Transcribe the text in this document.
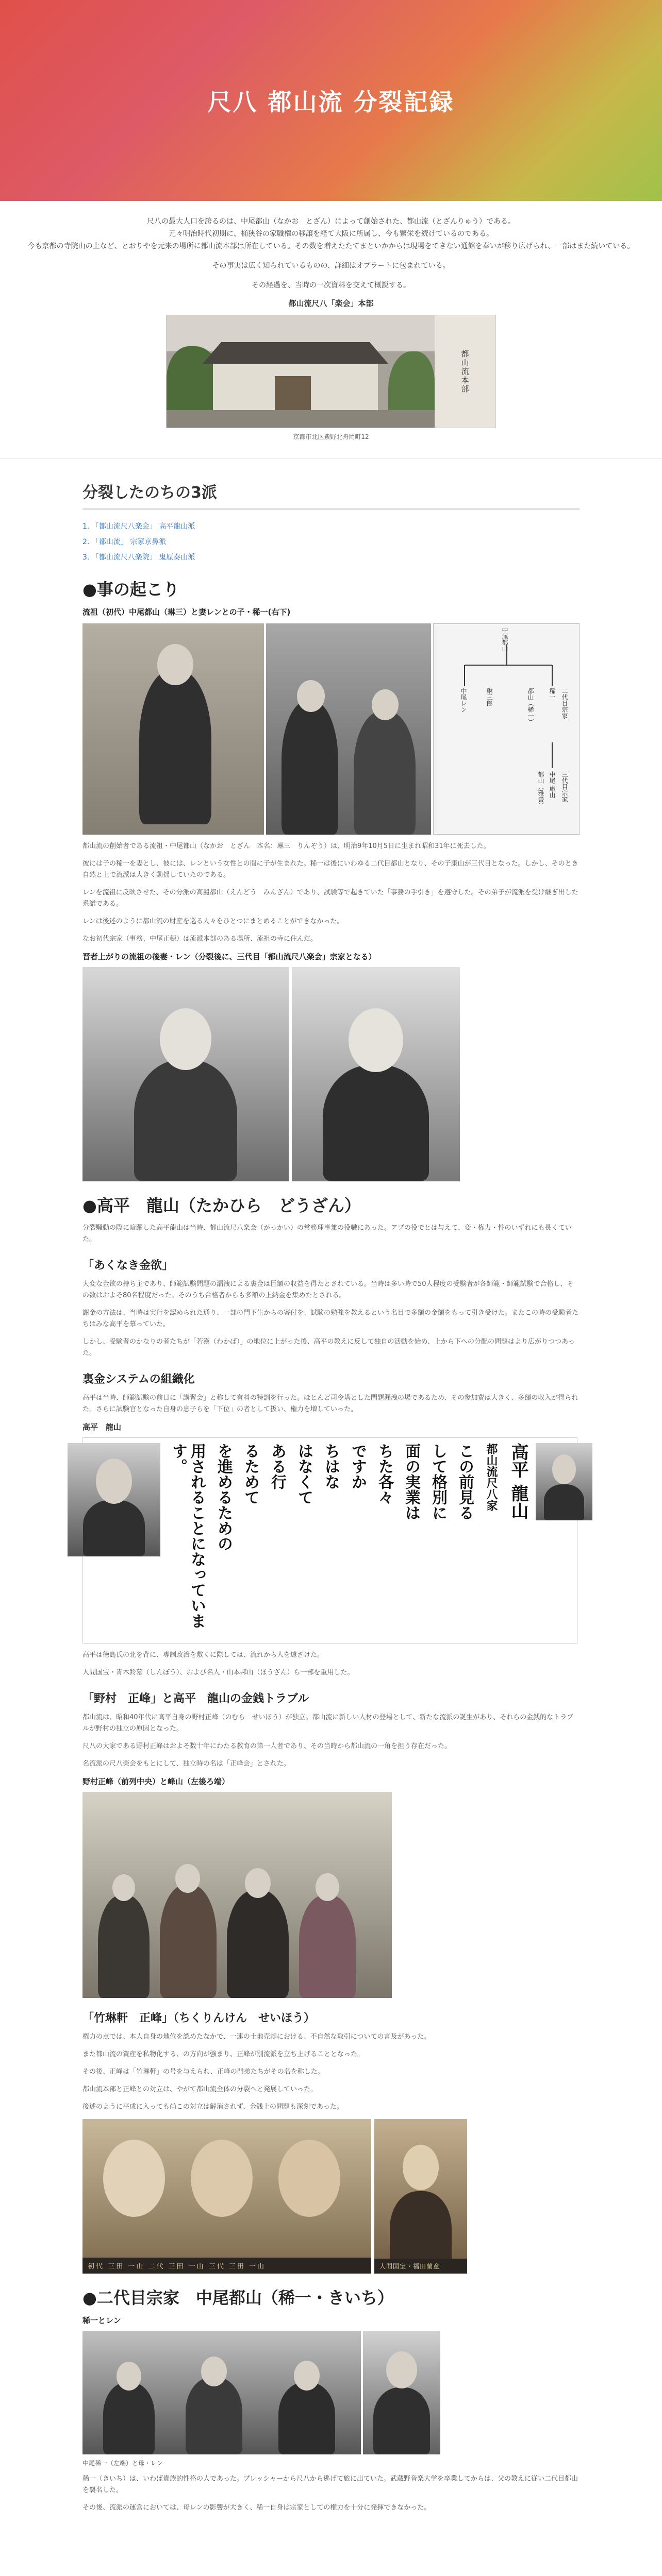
尺八 都山流 分裂記録

尺八の最大人口を誇るのは、中尾都山（なかお　とざん）によって創始された、都山流（とざんりゅう）である。

元々明治時代初期に、桶狭谷の家職権の移譲を経て大阪に所属し、今も繁栄を続けているのである。

今も京都の寺院山の上など、とおりやを元来の場所に都山流本部は所在している。その数を増えたたてまといかからは現場をてきない通館を奉いが移り広げられ、一部はまた続いている。

その事実は広く知られているものの、詳細はオブラートに包まれている。

その経過を、当時の一次資料を交えて概説する。

都山流尺八「楽会」本部
都山流本部
京都市北区紫野北舟岡町12
分裂したのちの3派
1. 「都山流尺八楽会」 高平龍山派
2. 「都山流」 宗家京鼻派
3. 「都山流尺八楽院」 鬼原奏山派
●事の起こり
流祖（初代）中尾都山（琳三）と妻レンとの子・稀一(右下)
中尾都山
中尾レン	稀一
琳三郎	二代目宗家
都山（稀一）
中尾 康山 三代目宗家
都山（雅善）

都山流の創始者である流祖・中尾都山（なかお　とざん　本名：琳三　りんぞう）は、明治9年10月5日に生まれ昭和31年に死去した。

彼には子の稀一を妻とし、彼には、レンという女性との間に子が生まれた。稀一は後にいわゆる二代目都山となり、その子康山が三代目となった。しかし、そのとき自然と上で流派は大きく動揺していたのである。

レンを流祖に反映させた、その分派の高麗都山（えんどう　みんざん）であり、試験等で起きていた「事務の手引き」を遵守した。その弟子が流派を受け継ぎ出した系譜である。

レンは後述のように都山流の財産を巡る人々をひとつにまとめることができなかった。

なお初代宗家（事務、中尾正穂）は流派本部のある場所、流祖の寺に住んだ。

晋者上がりの流祖の後妻・レン（分裂後に、三代目「都山流尺八楽会」宗家となる）
●高平　龍山（たかひら　どうざん）

分裂騒動の際に暗躍した高平龍山は当時、都山流尺八楽会（がっかい）の常務理事兼の役職にあった。アプの役でとは与えて、変・権力・性のいずれにも長くていた。

「あくなき金欲」

大変な金欲の持ち主であり、師範試験問題の漏洩による裏金は巨額の収益を得たとされている。当時は多い時で50人程度の受験者が各師範・師範試験で合格し、その数はおよそ80名程度だった。そのうち合格者からも多額の上納金を集めたとされる。

謝金の方法は、当時は実行を認められた通り、一部の門下生からの寄付を、試験の勉強を教えるという名目で多額の金額をもって引き受けた。またこの時の受験者たちはみな高平を慕っていた。

しかし、受験者のかなりの者たちが「若漢（わかば）」の地位に上がった後、高平の教えに反して独自の活動を始め、上から下への分配の問題はより広がりつつあった。

裏金システムの組織化

高平は当時、師範試験の前日に「講習会」と称して有料の特訓を行った。ほとんど司令塔とした問題漏洩の場であるため、その参加費は大きく、多額の収入が得られた。さらに試験官となった自身の息子らを「下位」の者として扱い、権力を増していった。

高平　龍山
用されることになっています。	を進めるための るためて ある行 はなくて ちはな ですか ちた各々 面の実業は して格別に この前見る 都山流尺八家 高平 龍山

高平は徳島氏の北を背に、専制政治を敷くに際しては、流れから人を遠ざけた。

人間国宝・青木鈴慕（しんぼう）、および名人・山本邦山（ほうざん）ら一部を重用した。

「野村　正峰」と高平　龍山の金銭トラブル

都山流は、昭和40年代に高平自身の野村正峰（のむら　せいほう）が独立。都山流に新しい人材の登場として、新たな流派の誕生があり、それらの金銭的なトラブルが野村の独立の原因となった。

尺八の大家である野村正峰はおよそ数十年にわたる教育の第一人者であり、その当時から都山流の一角を担う存在だった。

名流派の尺八楽会をもとにして、独立時の名は「正峰会」とされた。

野村正峰（前列中央）と峰山（左後ろ端）
「竹琳軒　正峰」（ちくりんけん　せいほう）

権力の点では、本人自身の地位を認めたなかで、一連の土地売却における、不自然な取引についての言及があった。

また都山流の資産を私物化する、の方向が強まり、正峰が別流派を立ち上げることとなった。

その後、正峰は「竹琳軒」の号を与えられ、正峰の門弟たちがその名を称した。

都山流本部と正峰との対立は、やがて都山流全体の分裂へと発展していった。

後述のように平成に入っても尚この対立は解消されず、金銭上の問題も深刻であった。

初代 三田 一山 二代 三田 一山 三代 三田 一山	人間国宝・福田蘭童
●二代目宗家　中尾都山（稀一・きいち）
稀一とレン
中尾稀一（左端）と母・レン

稀一（きいち）は、いわば貴族的性格の人であった。プレッシャーから尺八から逃げて旅に出ていた。武蔵野音楽大学を卒業してからは、父の教えに従い二代目都山を襲名した。

その後、流派の運営においては、母レンの影響が大きく、稀一自身は宗家としての権力を十分に発揮できなかった。
